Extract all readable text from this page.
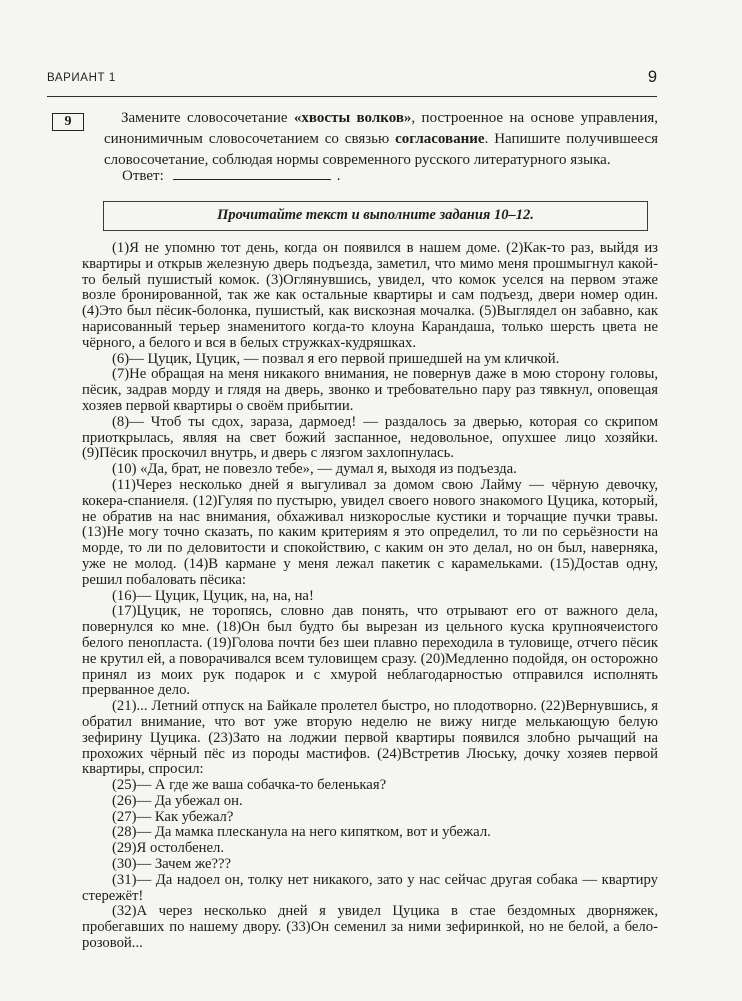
ВАРИАНТ 1	9
9	Замените словосочетание «хвосты волков», построенное на основе управления, синонимичным словосочетанием со связью согласование. Напишите получившееся словосочетание, соблюдая нормы современного русского литературного языка.

Ответ:	.
Прочитайте текст и выполните задания 10–12.

(1)Я не упомню тот день, когда он появился в нашем доме. (2)Как-то раз, выйдя из квартиры и открыв железную дверь подъезда, заметил, что мимо меня прошмыгнул какой-то белый пушистый комок. (3)Оглянувшись, увидел, что комок уселся на первом этаже возле бронированной, так же как остальные квартиры и сам подъезд, двери номер один. (4)Это был пёсик-болонка, пушистый, как вискозная мочалка. (5)Выглядел он забавно, как нарисованный терьер знаменитого когда-то клоуна Карандаша, только шерсть цвета не чёрного, а белого и вся в белых стружках-кудряшках.

(6)— Цуцик, Цуцик, — позвал я его первой пришедшей на ум кличкой.

(7)Не обращая на меня никакого внимания, не повернув даже в мою сторону головы, пёсик, задрав морду и глядя на дверь, звонко и требовательно пару раз тявкнул, оповещая хозяев первой квартиры о своём прибытии.

(8)— Чтоб ты сдох, зараза, дармоед! — раздалось за дверью, которая со скрипом приоткрылась, являя на свет божий заспанное, недовольное, опухшее лицо хозяйки. (9)Пёсик проскочил внутрь, и дверь с лязгом захлопнулась.

(10) «Да, брат, не повезло тебе», — думал я, выходя из подъезда.

(11)Через несколько дней я выгуливал за домом свою Лайму — чёрную девочку, кокера-спаниеля. (12)Гуляя по пустырю, увидел своего нового знакомого Цуцика, который, не обратив на нас внимания, обхаживал низкорослые кустики и торчащие пучки травы. (13)Не могу точно сказать, по каким критериям я это определил, то ли по серьёзности на морде, то ли по деловитости и спокойствию, с каким он это делал, но он был, наверняка, уже не молод. (14)В кармане у меня лежал пакетик с карамельками. (15)Достав одну, решил побаловать пёсика:

(16)— Цуцик, Цуцик, на, на, на!

(17)Цуцик, не торопясь, словно дав понять, что отрывают его от важного дела, повернулся ко мне. (18)Он был будто бы вырезан из цельного куска крупноячеистого белого пенопласта. (19)Голова почти без шеи плавно переходила в туловище, отчего пёсик не крутил ей, а поворачивался всем туловищем сразу. (20)Медленно подойдя, он осторожно принял из моих рук подарок и с хмурой неблагодарностью отправился исполнять прерванное дело.

(21)... Летний отпуск на Байкале пролетел быстро, но плодотворно. (22)Вернувшись, я обратил внимание, что вот уже вторую неделю не вижу нигде мелькающую белую зефирину Цуцика. (23)Зато на лоджии первой квартиры появился злобно рычащий на прохожих чёрный пёс из породы мастифов. (24)Встретив Люську, дочку хозяев первой квартиры, спросил:

(25)— А где же ваша собачка-то беленькая?

(26)— Да убежал он.

(27)— Как убежал?

(28)— Да мамка плесканула на него кипятком, вот и убежал.

(29)Я остолбенел.

(30)— Зачем же???

(31)— Да надоел он, толку нет никакого, зато у нас сейчас другая собака — квартиру стережёт!

(32)А через несколько дней я увидел Цуцика в стае бездомных дворняжек, пробегавших по нашему двору. (33)Он семенил за ними зефиринкой, но не белой, а бело-розовой...
